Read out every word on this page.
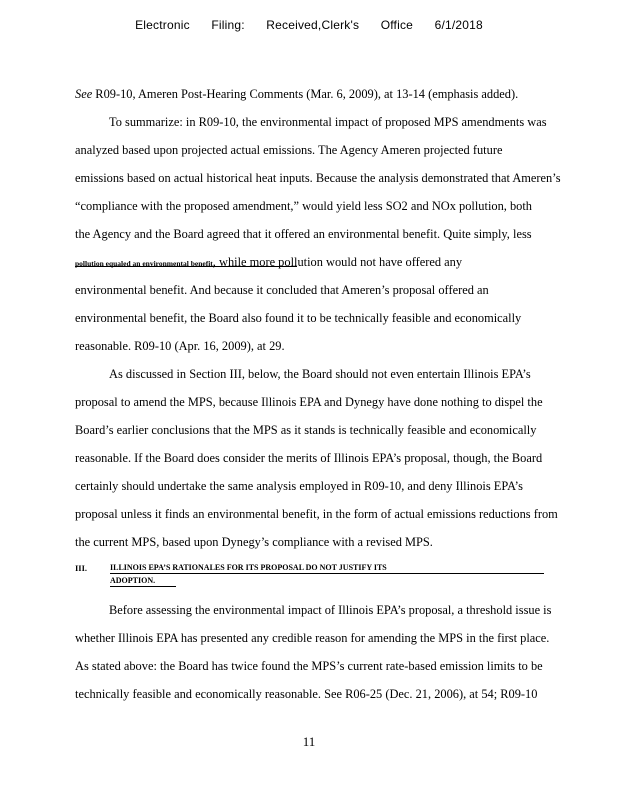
Electronic Filing: Received,Clerk's Office 6/1/2018
See R09-10, Ameren Post-Hearing Comments (Mar. 6, 2009), at 13-14 (emphasis added).
To summarize: in R09-10, the environmental impact of proposed MPS amendments was
analyzed based upon projected actual emissions. The Agency Ameren projected future
emissions based on actual historical heat inputs. Because the analysis demonstrated that Ameren’s
“compliance with the proposed amendment,” would yield less SO2 and NOx pollution, both
the Agency and the Board agreed that it offered an environmental benefit. Quite simply, less
pollution equaled an environmental benefit, while more pollution would not have offered any
environmental benefit. And because it concluded that Ameren’s proposal offered an
environmental benefit, the Board also found it to be technically feasible and economically
reasonable. R09-10 (Apr. 16, 2009), at 29.
As discussed in Section III, below, the Board should not even entertain Illinois EPA’s
proposal to amend the MPS, because Illinois EPA and Dynegy have done nothing to dispel the
Board’s earlier conclusions that the MPS as it stands is technically feasible and economically
reasonable. If the Board does consider the merits of Illinois EPA’s proposal, though, the Board
certainly should undertake the same analysis employed in R09-10, and deny Illinois EPA’s
proposal unless it finds an environmental benefit, in the form of actual emissions reductions from
the current MPS, based upon Dynegy’s compliance with a revised MPS.
III.	ILLINOIS EPA’S RATIONALES FOR ITS PROPOSAL DO NOT JUSTIFY ITS
ADOPTION.
Before assessing the environmental impact of Illinois EPA’s proposal, a threshold issue is
whether Illinois EPA has presented any credible reason for amending the MPS in the first place.
As stated above: the Board has twice found the MPS’s current rate-based emission limits to be
technically feasible and economically reasonable. See R06-25 (Dec. 21, 2006), at 54; R09-10
11
